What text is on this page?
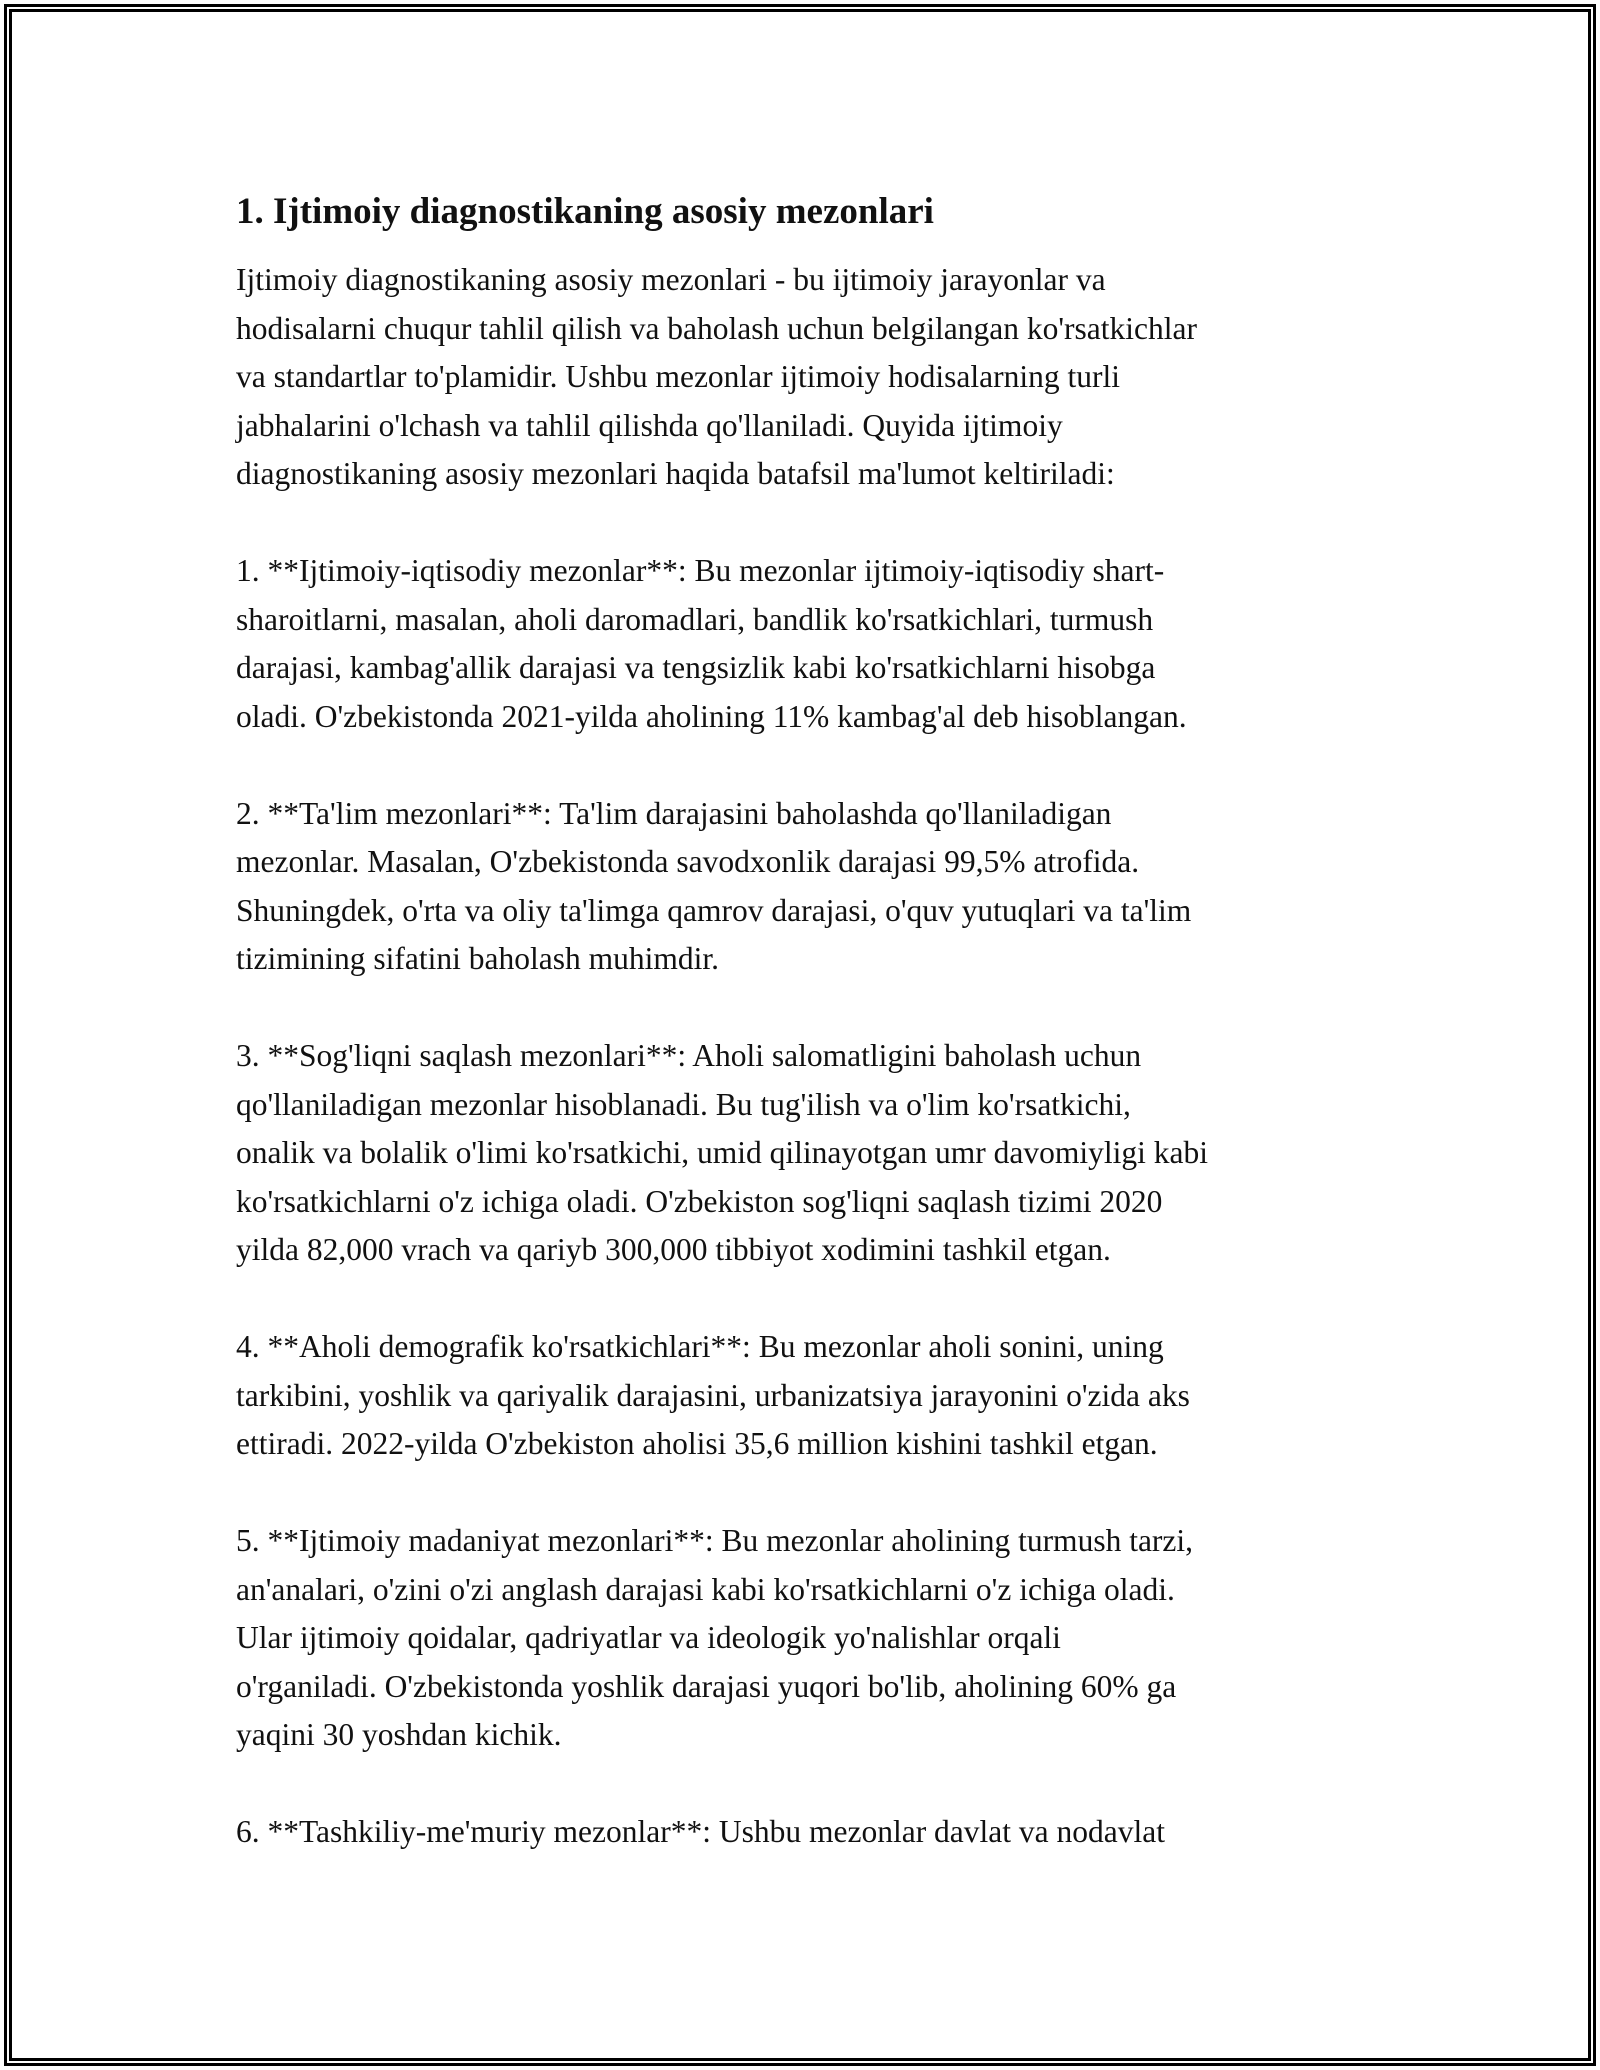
1. Ijtimoiy diagnostikaning asosiy mezonlari
Ijtimoiy diagnostikaning asosiy mezonlari - bu ijtimoiy jarayonlar va
hodisalarni chuqur tahlil qilish va baholash uchun belgilangan ko'rsatkichlar
va standartlar to'plamidir. Ushbu mezonlar ijtimoiy hodisalarning turli
jabhalarini o'lchash va tahlil qilishda qo'llaniladi. Quyida ijtimoiy
diagnostikaning asosiy mezonlari haqida batafsil ma'lumot keltiriladi:
1. **Ijtimoiy-iqtisodiy mezonlar**: Bu mezonlar ijtimoiy-iqtisodiy shart-
sharoitlarni, masalan, aholi daromadlari, bandlik ko'rsatkichlari, turmush
darajasi, kambag'allik darajasi va tengsizlik kabi ko'rsatkichlarni hisobga
oladi. O'zbekistonda 2021-yilda aholining 11% kambag'al deb hisoblangan.
2. **Ta'lim mezonlari**: Ta'lim darajasini baholashda qo'llaniladigan
mezonlar. Masalan, O'zbekistonda savodxonlik darajasi 99,5% atrofida.
Shuningdek, o'rta va oliy ta'limga qamrov darajasi, o'quv yutuqlari va ta'lim
tizimining sifatini baholash muhimdir.
3. **Sog'liqni saqlash mezonlari**: Aholi salomatligini baholash uchun
qo'llaniladigan mezonlar hisoblanadi. Bu tug'ilish va o'lim ko'rsatkichi,
onalik va bolalik o'limi ko'rsatkichi, umid qilinayotgan umr davomiyligi kabi
ko'rsatkichlarni o'z ichiga oladi. O'zbekiston sog'liqni saqlash tizimi 2020
yilda 82,000 vrach va qariyb 300,000 tibbiyot xodimini tashkil etgan.
4. **Aholi demografik ko'rsatkichlari**: Bu mezonlar aholi sonini, uning
tarkibini, yoshlik va qariyalik darajasini, urbanizatsiya jarayonini o'zida aks
ettiradi. 2022-yilda O'zbekiston aholisi 35,6 million kishini tashkil etgan.
5. **Ijtimoiy madaniyat mezonlari**: Bu mezonlar aholining turmush tarzi,
an'analari, o'zini o'zi anglash darajasi kabi ko'rsatkichlarni o'z ichiga oladi.
Ular ijtimoiy qoidalar, qadriyatlar va ideologik yo'nalishlar orqali
o'rganiladi. O'zbekistonda yoshlik darajasi yuqori bo'lib, aholining 60% ga
yaqini 30 yoshdan kichik.
6. **Tashkiliy-me'muriy mezonlar**: Ushbu mezonlar davlat va nodavlat
